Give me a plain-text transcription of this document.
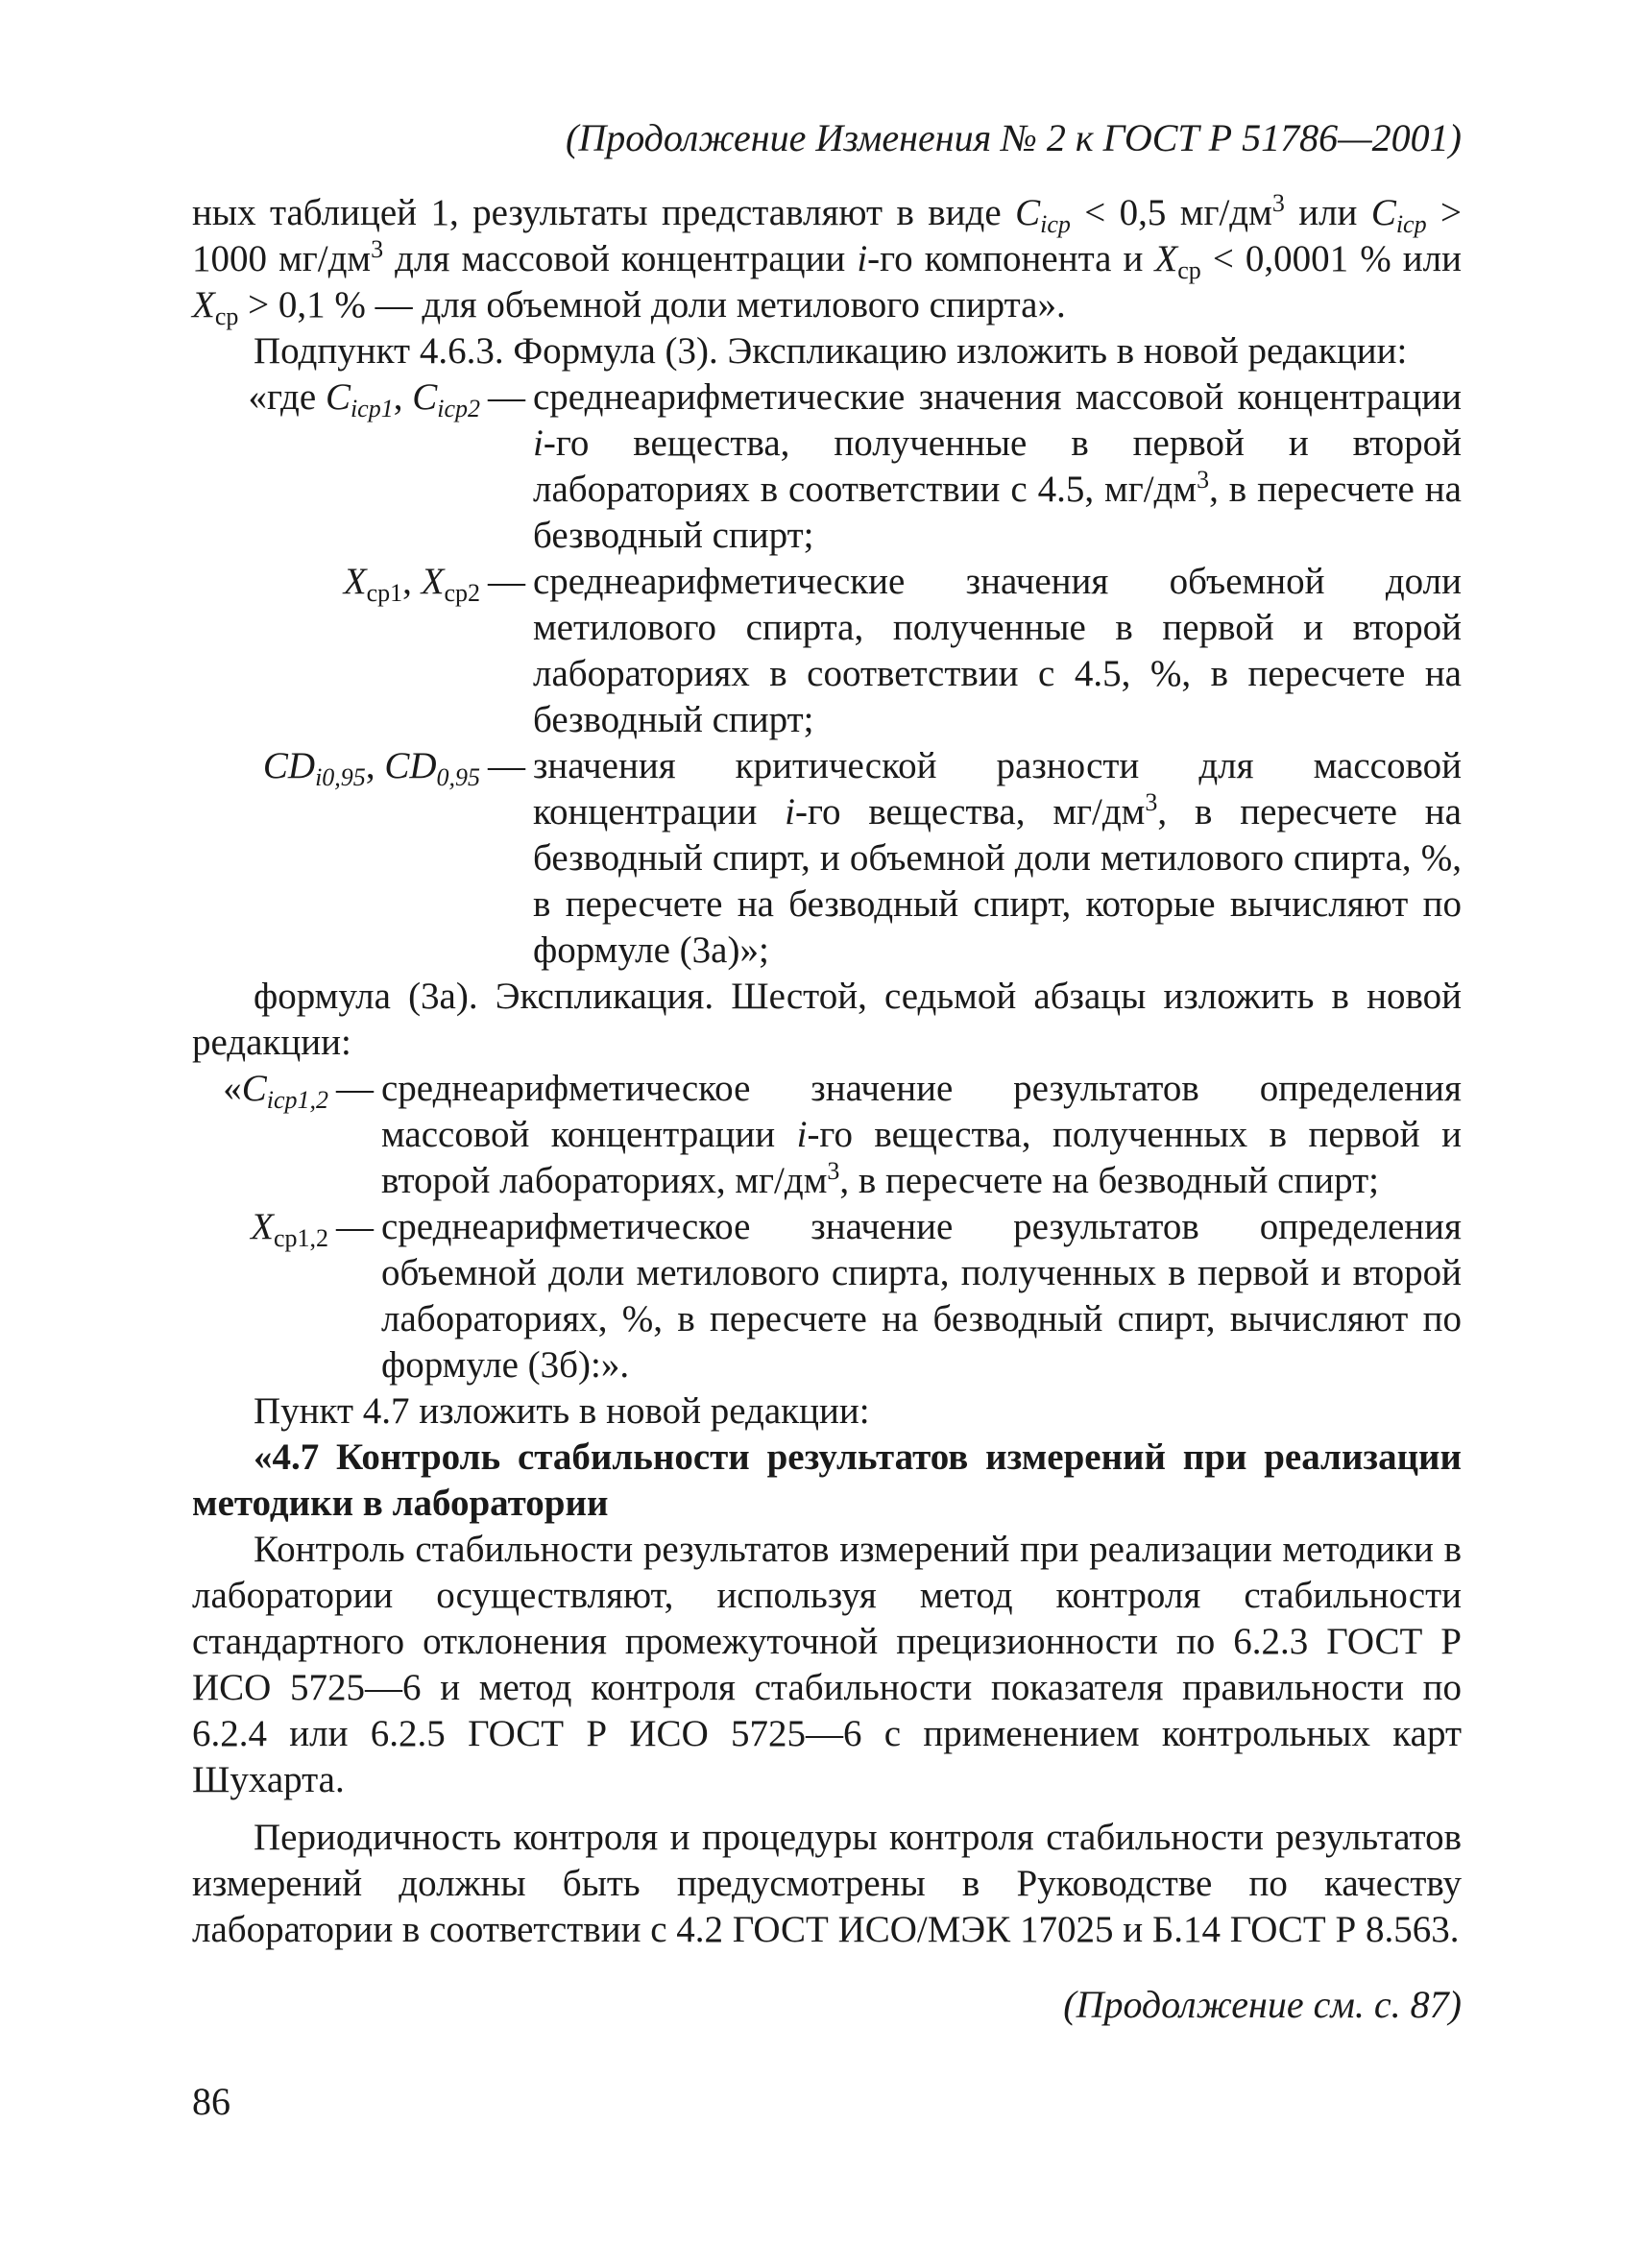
(Продолжение Изменения № 2 к ГОСТ Р 51786—2001)

ных таблицей 1, результаты представляют в виде $C_{iср} < 0,5$ $мг/дм^3$ или $C_{iср} > 1000$ $мг/дм^3$ для массовой концентрации i-го компонента и $X_{ср} < 0,0001$ % или $X_{ср} > 0,1$ % — для объемной доли метилового спирта».

Подпункт 4.6.3. Формула (3). Экспликацию изложить в новой редакции:

«где $C_{iср1}$, $C_{iср2}$ — среднеарифметические значения массовой концентрации i-го вещества, полученные в первой и второй лабораториях в соответствии с 4.5, $мг/дм^3$, в пересчете на безводный спирт;
$X_{ср1}$, $X_{ср2}$ — среднеарифметические значения объемной доли метилового спирта, полученные в первой и второй лабораториях в соответствии с 4.5, %, в пересчете на безводный спирт;
$CD_{i0,95}$, $CD_{0,95}$ — значения критической разности для массовой концентрации i-го вещества, $мг/дм^3$, в пересчете на безводный спирт, и объемной доли метилового спирта, %, в пересчете на безводный спирт, которые вычисляют по формуле (3а)»;

формула (3а). Экспликация. Шестой, седьмой абзацы изложить в новой редакции:

«$C_{iср1,2}$ — среднеарифметическое значение результатов определения массовой концентрации i-го вещества, полученных в первой и второй лабораториях, $мг/дм^3$, в пересчете на безводный спирт;
$X_{ср1,2}$ — среднеарифметическое значение результатов определения объемной доли метилового спирта, полученных в первой и второй лабораториях, %, в пересчете на безводный спирт, вычисляют по формуле (3б):».

Пункт 4.7 изложить в новой редакции:

«4.7 Контроль стабильности результатов измерений при реализации методики в лаборатории

Контроль стабильности результатов измерений при реализации методики в лаборатории осуществляют, используя метод контроля стабильности стандартного отклонения промежуточной прецизионности по 6.2.3 ГОСТ Р ИСО 5725—6 и метод контроля стабильности показателя правильности по 6.2.4 или 6.2.5 ГОСТ Р ИСО 5725—6 с применением контрольных карт Шухарта.

Периодичность контроля и процедуры контроля стабильности результатов измерений должны быть предусмотрены в Руководстве по качеству лаборатории в соответствии с 4.2 ГОСТ ИСО/МЭК 17025 и Б.14 ГОСТ Р 8.563.

(Продолжение см. с. 87)
86
